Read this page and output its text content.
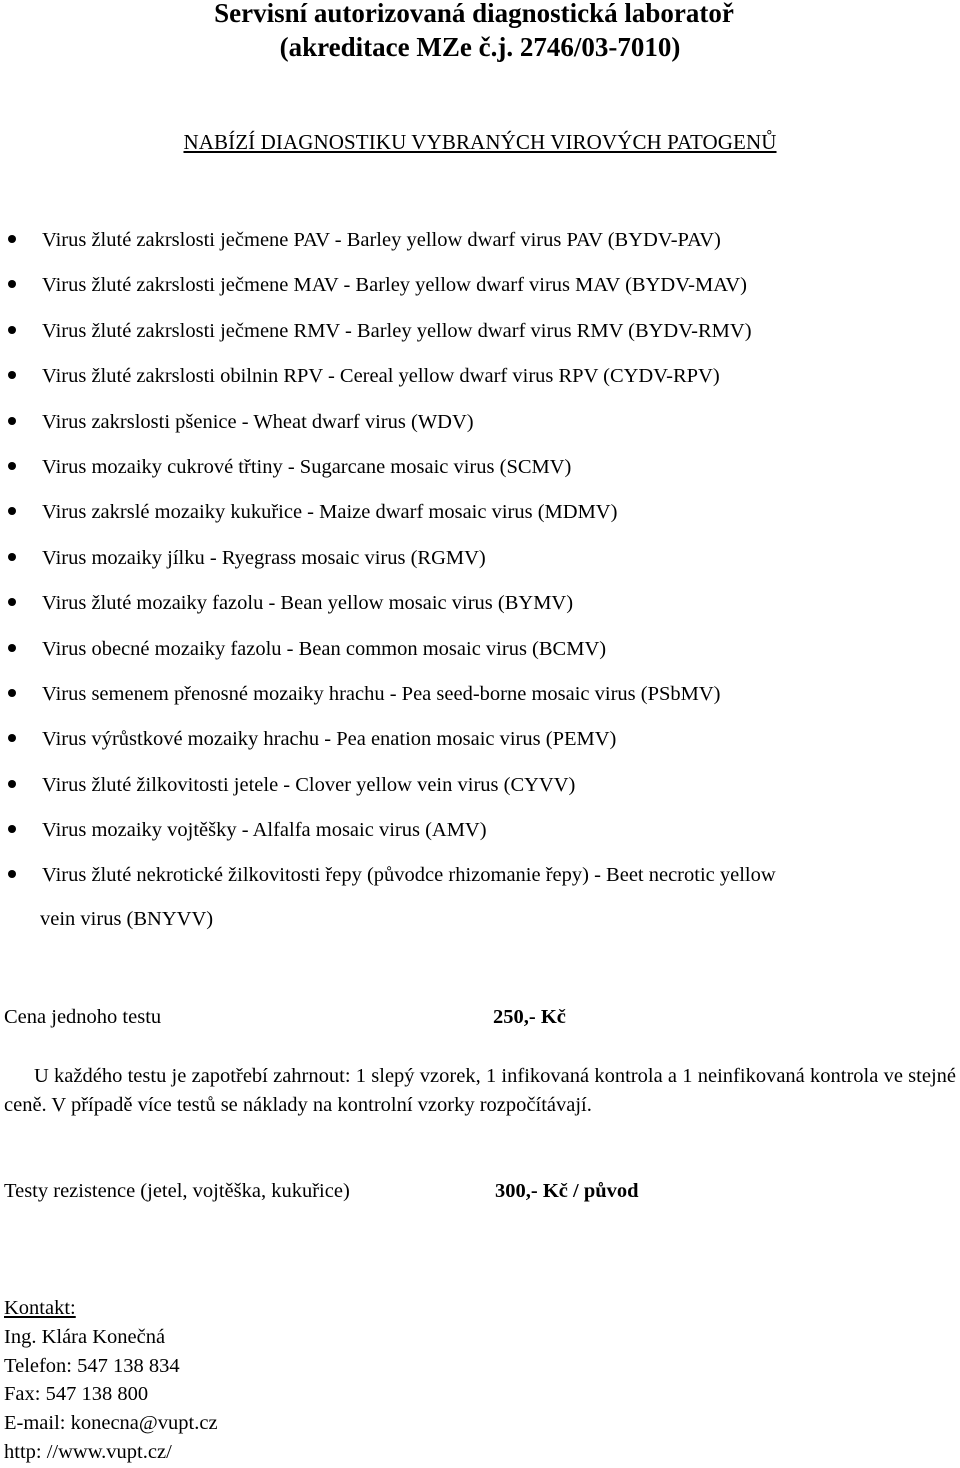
Servisní autorizovaná diagnostická laboratoř
(akreditace MZe č.j. 2746/03-7010)
NABÍZÍ DIAGNOSTIKU VYBRANÝCH VIROVÝCH PATOGENŮ
Virus žluté zakrslosti ječmene PAV - Barley yellow dwarf virus PAV (BYDV-PAV)
Virus žluté zakrslosti ječmene MAV - Barley yellow dwarf virus MAV (BYDV-MAV)
Virus žluté zakrslosti ječmene RMV - Barley yellow dwarf virus RMV (BYDV-RMV)
Virus žluté zakrslosti obilnin RPV - Cereal yellow dwarf virus RPV (CYDV-RPV)
Virus zakrslosti pšenice - Wheat dwarf virus (WDV)
Virus mozaiky cukrové třtiny - Sugarcane mosaic virus (SCMV)
Virus zakrslé mozaiky kukuřice - Maize dwarf mosaic virus (MDMV)
Virus mozaiky jílku - Ryegrass mosaic virus (RGMV)
Virus žluté mozaiky fazolu - Bean yellow mosaic virus (BYMV)
Virus obecné mozaiky fazolu - Bean common mosaic virus (BCMV)
Virus semenem přenosné mozaiky hrachu - Pea seed-borne mosaic virus (PSbMV)
Virus výrůstkové mozaiky hrachu - Pea enation mosaic virus (PEMV)
Virus žluté žilkovitosti jetele - Clover yellow vein virus (CYVV)
Virus mozaiky vojtěšky - Alfalfa mosaic virus (AMV)
Virus žluté nekrotické žilkovitosti řepy (původce rhizomanie řepy) - Beet necrotic yellow
vein virus (BNYVV)
Cena jednoho testu	250,- Kč
U každého testu je zapotřebí zahrnout: 1 slepý vzorek, 1 infikovaná kontrola a 1 neinfikovaná kontrola ve stejné ceně. V případě více testů se náklady na kontrolní vzorky rozpočítávají.
Testy rezistence (jetel, vojtěška, kukuřice)	300,- Kč / původ
Kontakt:
Ing. Klára Konečná
Telefon: 547 138 834
Fax: 547 138 800
E-mail: konecna@vupt.cz
http: //www.vupt.cz/
